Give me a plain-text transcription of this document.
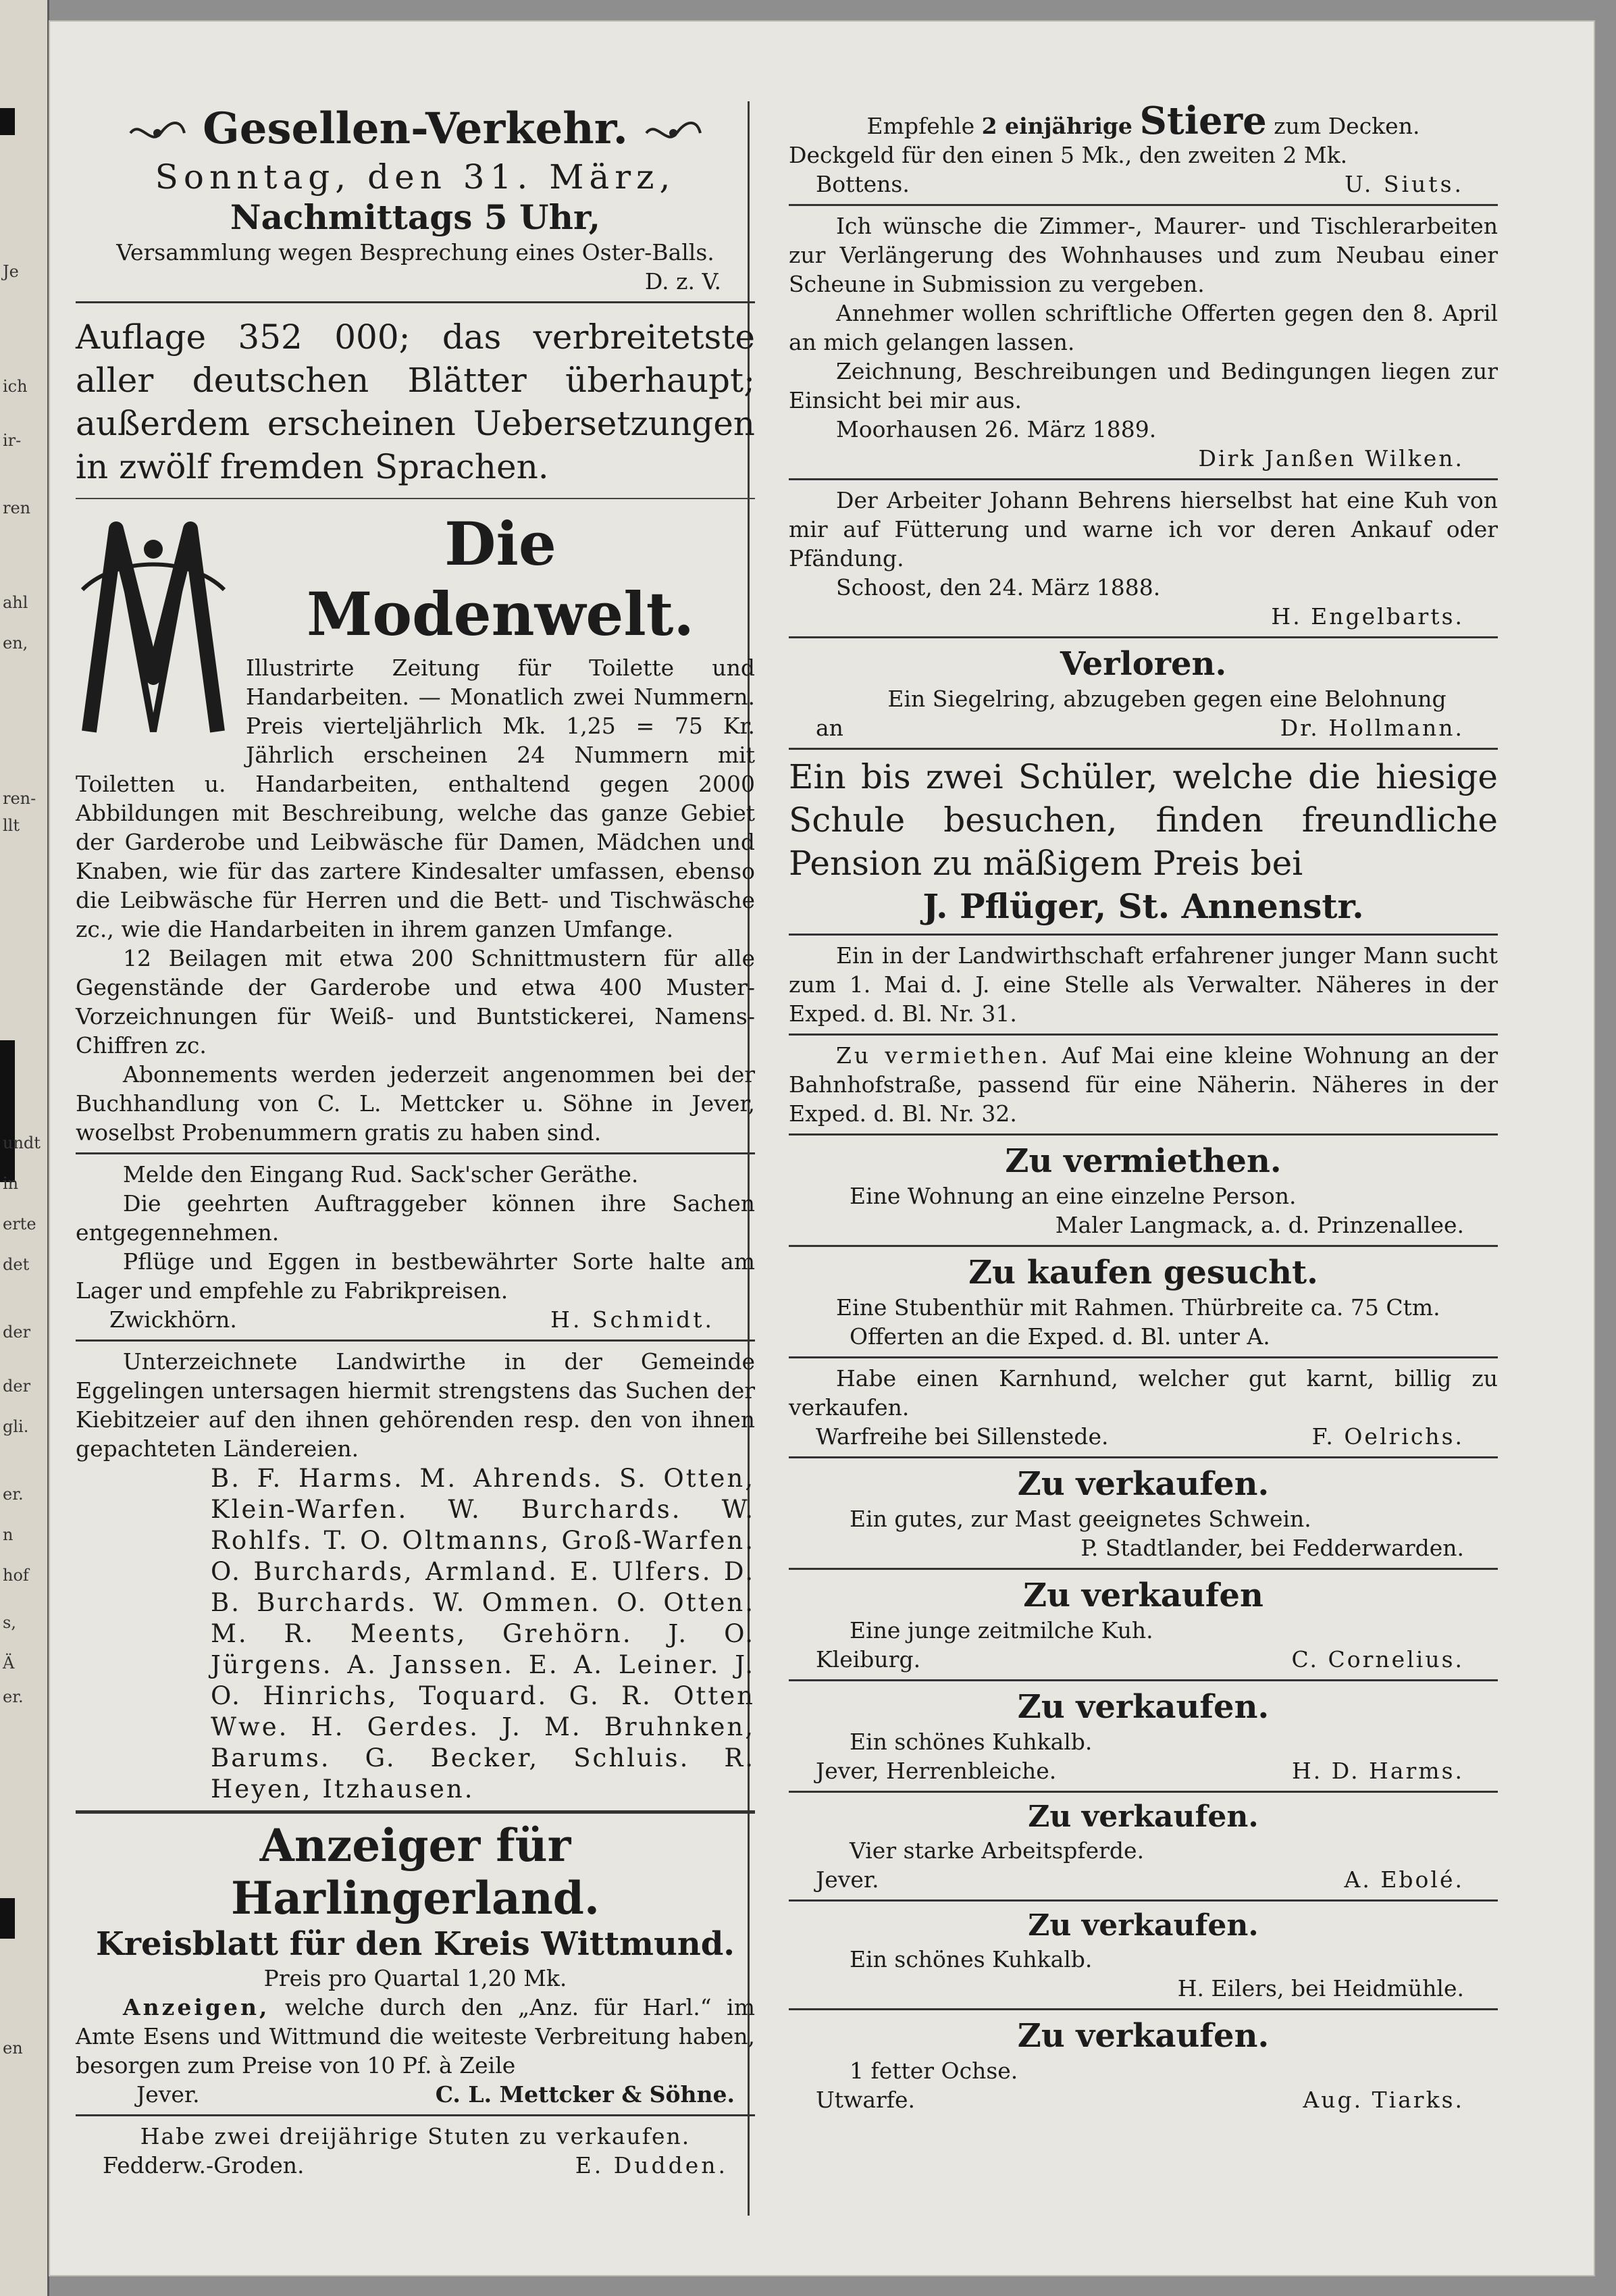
Je
ich
ir-
ren
ahl
en,
ren-
llt
undt
in
erte
det
der
der
gli.
er.
n
hof
s,
Ä
er.
en
Gesellen-Verkehr.

Sonntag, den 31. März,

Nachmittags 5 Uhr,

Versammlung wegen Besprechung eines Oster-Balls.

D. z. V.

Auflage 352 000; das verbreitetste aller deutschen Blätter überhaupt; außerdem erscheinen Uebersetzungen in zwölf fremden Sprachen.

Die Modenwelt.

Illustrirte Zeitung für Toilette und Handarbeiten. — Monatlich zwei Nummern. Preis vierteljährlich Mk. 1,25 = 75 Kr. Jährlich erscheinen 24 Nummern mit Toiletten u. Handarbeiten, enthaltend gegen 2000 Abbildungen mit Beschreibung, welche das ganze Gebiet der Garderobe und Leibwäsche für Damen, Mädchen und Knaben, wie für das zartere Kindesalter umfassen, ebenso die Leibwäsche für Herren und die Bett- und Tischwäsche zc., wie die Handarbeiten in ihrem ganzen Umfange.

12 Beilagen mit etwa 200 Schnittmustern für alle Gegenstände der Garderobe und etwa 400 Muster-Vorzeichnungen für Weiß- und Buntstickerei, Namens-Chiffren zc.

Abonnements werden jederzeit angenommen bei der Buchhandlung von C. L. Mettcker u. Söhne in Jever, woselbst Probenummern gratis zu haben sind.

Melde den Eingang Rud. Sack'scher Geräthe.

Die geehrten Auftraggeber können ihre Sachen entgegennehmen.

Pflüge und Eggen in bestbewährter Sorte halte am Lager und empfehle zu Fabrikpreisen.

Zwickhörn.	H. Schmidt.

Unterzeichnete Landwirthe in der Gemeinde Eggelingen untersagen hiermit strengstens das Suchen der Kiebitzeier auf den ihnen gehörenden resp. den von ihnen gepachteten Ländereien.

B. F. Harms. M. Ahrends. S. Otten, Klein-Warfen. W. Burchards. W. Rohlfs. T. O. Oltmanns, Groß-Warfen. O. Burchards, Armland. E. Ulfers. D. B. Burchards. W. Ommen. O. Otten. M. R. Meents, Grehörn. J. O. Jürgens. A. Janssen. E. A. Leiner. J. O. Hinrichs, Toquard. G. R. Otten Wwe. H. Gerdes. J. M. Bruhnken, Barums. G. Becker, Schluis. R. Heyen, Itzhausen.

Anzeiger für Harlingerland.

Kreisblatt für den Kreis Wittmund.

Preis pro Quartal 1,20 Mk.

Anzeigen, welche durch den „Anz. für Harl.“ im Amte Esens und Wittmund die weiteste Verbreitung haben, besorgen zum Preise von 10 Pf. à Zeile

Jever.	C. L. Mettcker & Söhne.

Habe zwei dreijährige Stuten zu verkaufen.

Fedderw.-Groden.	E. Dudden.

Empfehle 2 einjährige Stiere zum Decken.

Deckgeld für den einen 5 Mk., den zweiten 2 Mk.

Bottens.	U. Siuts.

Ich wünsche die Zimmer-, Maurer- und Tischlerarbeiten zur Verlängerung des Wohnhauses und zum Neubau einer Scheune in Submission zu vergeben.

Annehmer wollen schriftliche Offerten gegen den 8. April an mich gelangen lassen.

Zeichnung, Beschreibungen und Bedingungen liegen zur Einsicht bei mir aus.

Moorhausen 26. März 1889.

Dirk Janßen Wilken.

Der Arbeiter Johann Behrens hierselbst hat eine Kuh von mir auf Fütterung und warne ich vor deren Ankauf oder Pfändung.

Schoost, den 24. März 1888.

H. Engelbarts.

Verloren.

Ein Siegelring, abzugeben gegen eine Belohnung

an	Dr. Hollmann.

Ein bis zwei Schüler, welche die hiesige Schule besuchen, finden freundliche Pension zu mäßigem Preis bei

J. Pflüger, St. Annenstr.

Ein in der Landwirthschaft erfahrener junger Mann sucht zum 1. Mai d. J. eine Stelle als Verwalter. Näheres in der Exped. d. Bl. Nr. 31.

Zu vermiethen. Auf Mai eine kleine Wohnung an der Bahnhofstraße, passend für eine Näherin. Näheres in der Exped. d. Bl. Nr. 32.

Zu vermiethen.

Eine Wohnung an eine einzelne Person.

Maler Langmack, a. d. Prinzenallee.

Zu kaufen gesucht.

Eine Stubenthür mit Rahmen. Thürbreite ca. 75 Ctm.

Offerten an die Exped. d. Bl. unter A.

Habe einen Karnhund, welcher gut karnt, billig zu verkaufen.

Warfreihe bei Sillenstede.	F. Oelrichs.

Zu verkaufen.

Ein gutes, zur Mast geeignetes Schwein.

P. Stadtlander, bei Fedderwarden.

Zu verkaufen

Eine junge zeitmilche Kuh.

Kleiburg.	C. Cornelius.

Zu verkaufen.

Ein schönes Kuhkalb.

Jever, Herrenbleiche.	H. D. Harms.

Zu verkaufen.

Vier starke Arbeitspferde.

Jever.	A. Ebolé.

Zu verkaufen.

Ein schönes Kuhkalb.

H. Eilers, bei Heidmühle.

Zu verkaufen.

1 fetter Ochse.

Utwarfe.	Aug. Tiarks.
